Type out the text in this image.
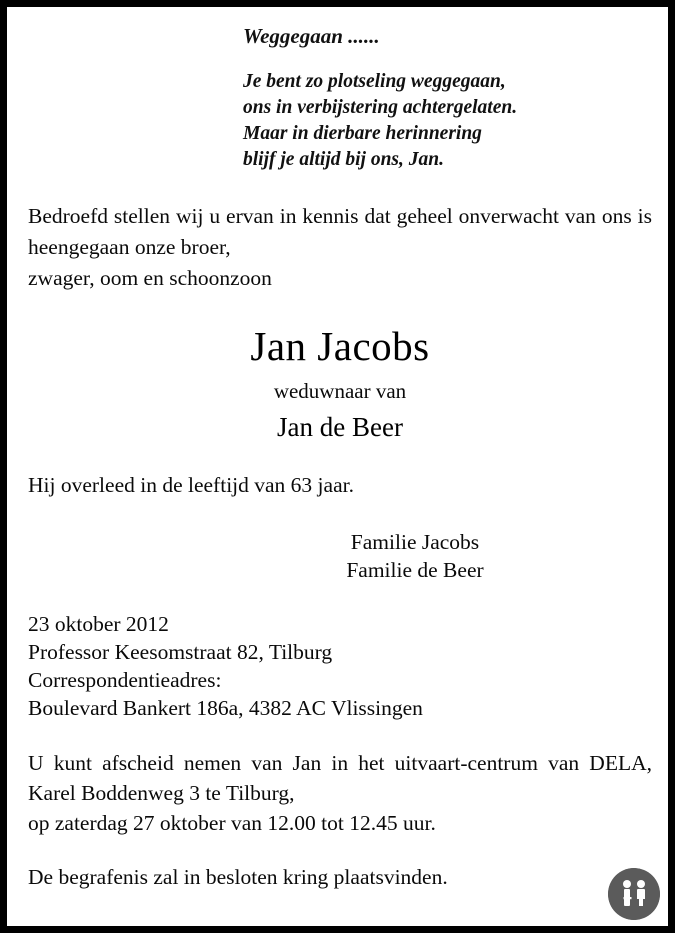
Weggegaan ......
Je bent zo plotseling weggegaan,
ons in verbijstering achtergelaten.
Maar in dierbare herinnering
blijf je altijd bij ons, Jan.
Bedroefd stellen wij u ervan in kennis dat geheel onverwacht van ons is heengegaan onze broer,
zwager, oom en schoonzoon
Jan Jacobs
weduwnaar van
Jan de Beer
Hij overleed in de leeftijd van 63 jaar.
Familie Jacobs
Familie de Beer
23 oktober 2012
Professor Keesomstraat 82, Tilburg
Correspondentieadres:
Boulevard Bankert 186a, 4382 AC Vlissingen
U kunt afscheid nemen van Jan in het uitvaart-centrum van DELA, Karel Boddenweg 3 te Tilburg,
op zaterdag 27 oktober van 12.00 tot 12.45 uur.
De begrafenis zal in besloten kring plaatsvinden.
